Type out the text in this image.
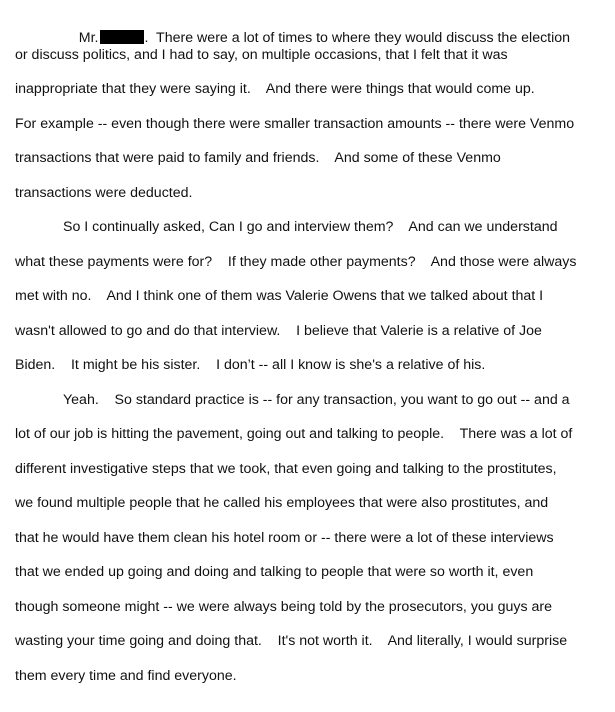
Mr.	.  There were a lot of times to where they would discuss the election

or discuss politics, and I had to say, on multiple occasions, that I felt that it was
inappropriate that they were saying it.    And there were things that would come up.
For example -- even though there were smaller transaction amounts -- there were Venmo
transactions that were paid to family and friends.    And some of these Venmo
transactions were deducted.
So I continually asked, Can I go and interview them?    And can we understand
what these payments were for?    If they made other payments?    And those were always
met with no.    And I think one of them was Valerie Owens that we talked about that I
wasn't allowed to go and do that interview.    I believe that Valerie is a relative of Joe
Biden.    It might be his sister.    I don’t -- all I know is she's a relative of his.
Yeah.    So standard practice is -- for any transaction, you want to go out -- and a
lot of our job is hitting the pavement, going out and talking to people.    There was a lot of
different investigative steps that we took, that even going and talking to the prostitutes,
we found multiple people that he called his employees that were also prostitutes, and
that he would have them clean his hotel room or -- there were a lot of these interviews
that we ended up going and doing and talking to people that were so worth it, even
though someone might -- we were always being told by the prosecutors, you guys are
wasting your time going and doing that.    It's not worth it.    And literally, I would surprise
them every time and find everyone.
